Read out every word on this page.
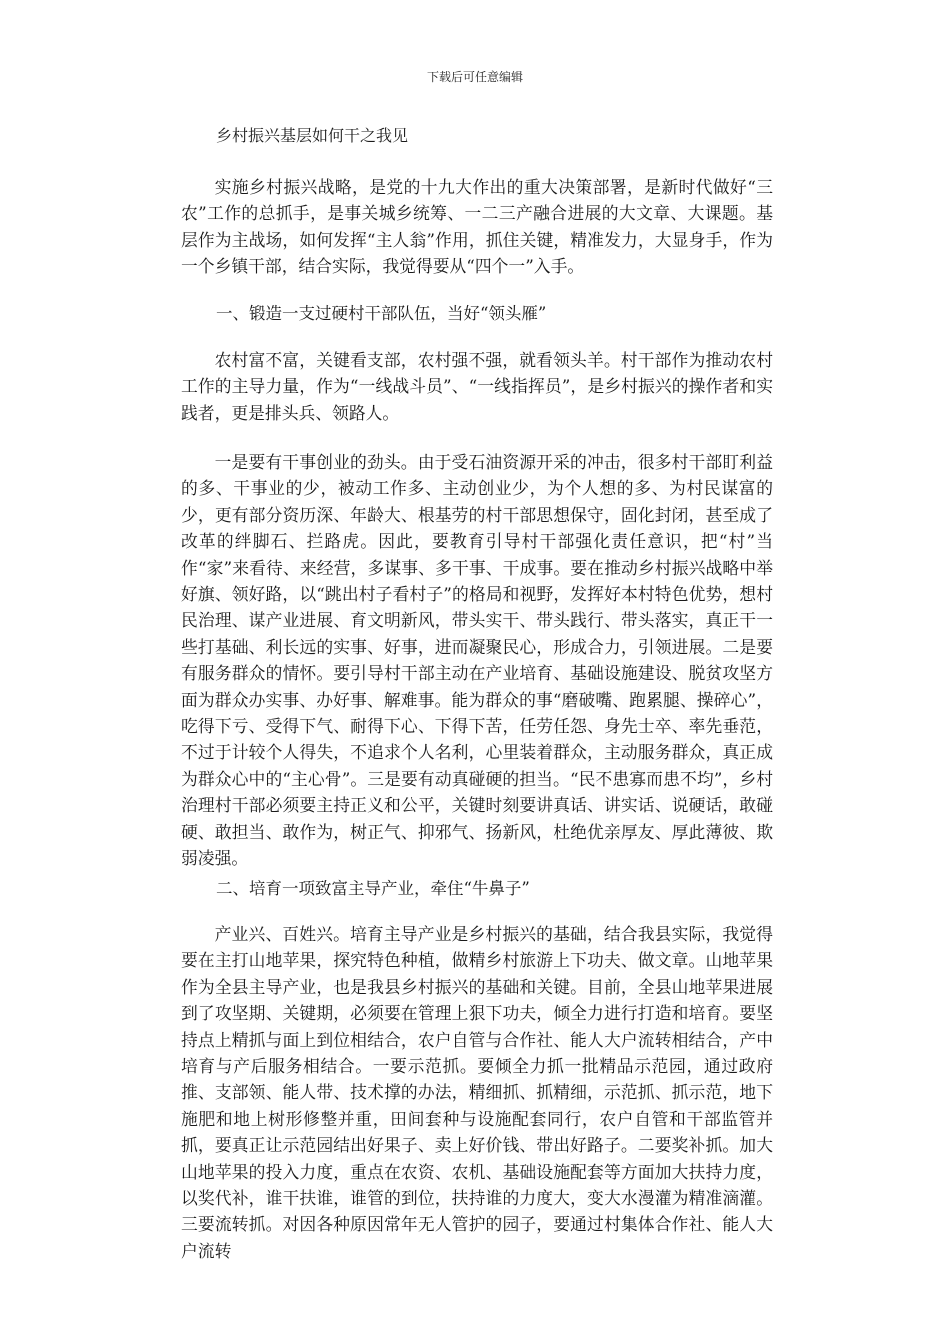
下载后可任意编辑
乡村振兴基层如何干之我见

实施乡村振兴战略，是党的十九大作出的重大决策部署，是新时代做好“三农”工作的总抓手，是事关城乡统筹、一二三产融合进展的大文章、大课题。基层作为主战场，如何发挥“主人翁”作用，抓住关键，精准发力，大显身手，作为一个乡镇干部，结合实际，我觉得要从“四个一”入手。

一、锻造一支过硬村干部队伍，当好“领头雁”

农村富不富，关键看支部，农村强不强，就看领头羊。村干部作为推动农村工作的主导力量，作为“一线战斗员”、“一线指挥员”，是乡村振兴的操作者和实践者，更是排头兵、领路人。

一是要有干事创业的劲头。由于受石油资源开采的冲击，很多村干部盯利益的多、干事业的少，被动工作多、主动创业少，为个人想的多、为村民谋富的少，更有部分资历深、年龄大、根基劳的村干部思想保守，固化封闭，甚至成了改革的绊脚石、拦路虎。因此，要教育引导村干部强化责任意识，把“村”当作“家”来看待、来经营，多谋事、多干事、干成事。要在推动乡村振兴战略中举好旗、领好路，以“跳出村子看村子”的格局和视野，发挥好本村特色优势，想村民治理、谋产业进展、育文明新风，带头实干、带头践行、带头落实，真正干一些打基础、利长远的实事、好事，进而凝聚民心，形成合力，引领进展。二是要有服务群众的情怀。要引导村干部主动在产业培育、基础设施建设、脱贫攻坚方面为群众办实事、办好事、解难事。能为群众的事“磨破嘴、跑累腿、操碎心”，吃得下亏、受得下气、耐得下心、下得下苦，任劳任怨、身先士卒、率先垂范，不过于计较个人得失，不追求个人名利，心里装着群众，主动服务群众，真正成为群众心中的“主心骨”。三是要有动真碰硬的担当。“民不患寡而患不均”，乡村治理村干部必须要主持正义和公平，关键时刻要讲真话、讲实话、说硬话，敢碰硬、敢担当、敢作为，树正气、抑邪气、扬新风，杜绝优亲厚友、厚此薄彼、欺弱凌强。

二、培育一项致富主导产业，牵住“牛鼻子”

产业兴、百姓兴。培育主导产业是乡村振兴的基础，结合我县实际，我觉得要在主打山地苹果，探究特色种植，做精乡村旅游上下功夫、做文章。山地苹果作为全县主导产业，也是我县乡村振兴的基础和关键。目前，全县山地苹果进展到了攻坚期、关键期，必须要在管理上狠下功夫，倾全力进行打造和培育。要坚持点上精抓与面上到位相结合，农户自管与合作社、能人大户流转相结合，产中培育与产后服务相结合。一要示范抓。要倾全力抓一批精品示范园，通过政府推、支部领、能人带、技术撑的办法，精细抓、抓精细，示范抓、抓示范，地下施肥和地上树形修整并重，田间套种与设施配套同行，农户自管和干部监管并抓，要真正让示范园结出好果子、卖上好价钱、带出好路子。二要奖补抓。加大山地苹果的投入力度，重点在农资、农机、基础设施配套等方面加大扶持力度，以奖代补，谁干扶谁，谁管的到位，扶持谁的力度大，变大水漫灌为精准滴灌。三要流转抓。对因各种原因常年无人管护的园子，要通过村集体合作社、能人大户流转
